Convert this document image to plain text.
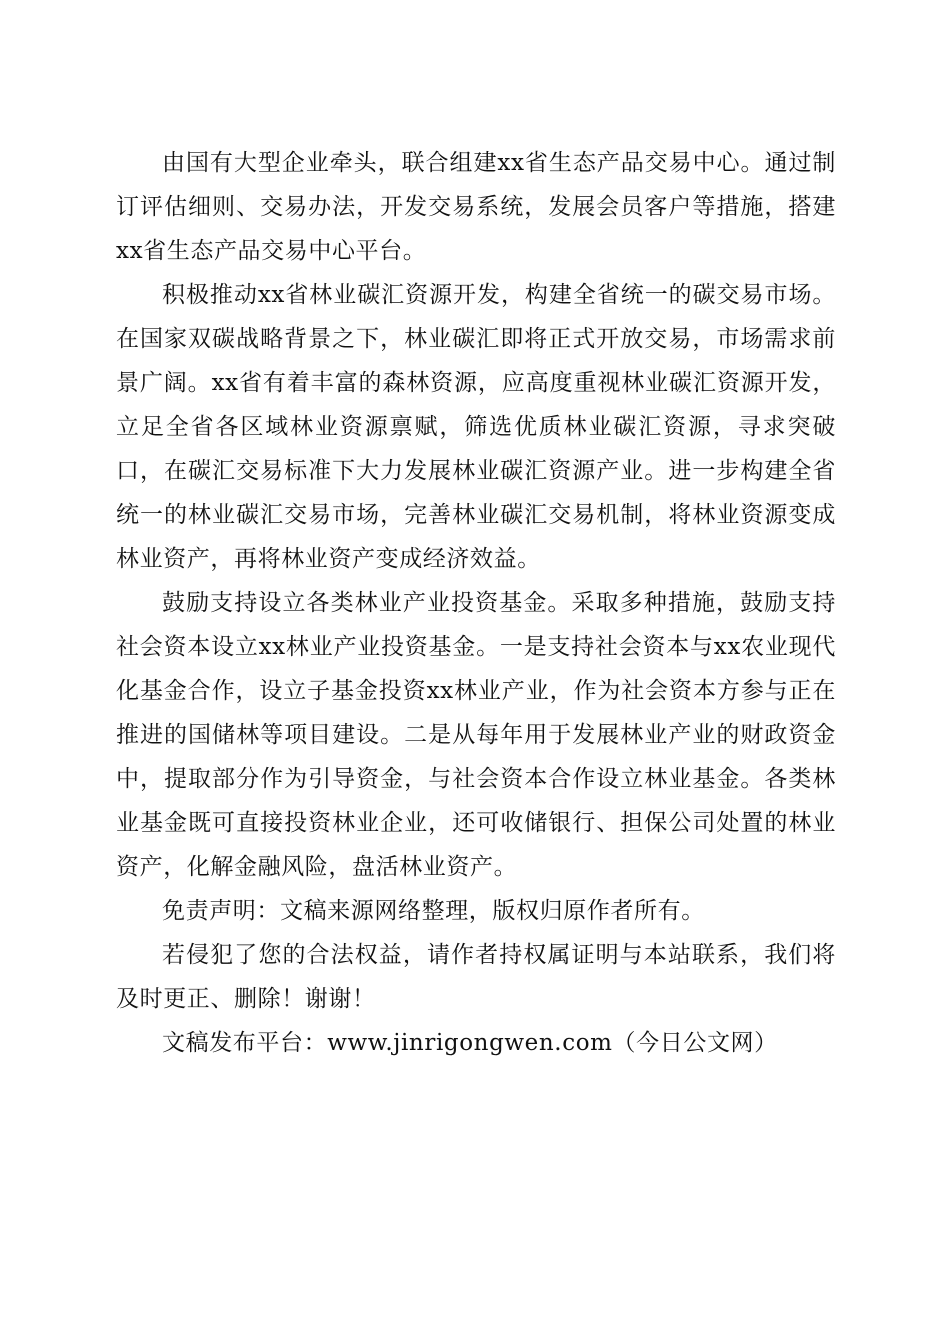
由国有大型企业牵头，联合组建xx省生态产品交易中心。通过制订评估细则、交易办法，开发交易系统，发展会员客户等措施，搭建xx省生态产品交易中心平台。

积极推动xx省林业碳汇资源开发，构建全省统一的碳交易市场。在国家双碳战略背景之下，林业碳汇即将正式开放交易，市场需求前景广阔。xx省有着丰富的森林资源，应高度重视林业碳汇资源开发，立足全省各区域林业资源禀赋，筛选优质林业碳汇资源，寻求突破口，在碳汇交易标准下大力发展林业碳汇资源产业。进一步构建全省统一的林业碳汇交易市场，完善林业碳汇交易机制，将林业资源变成林业资产，再将林业资产变成经济效益。

鼓励支持设立各类林业产业投资基金。采取多种措施，鼓励支持社会资本设立xx林业产业投资基金。一是支持社会资本与xx农业现代化基金合作，设立子基金投资xx林业产业，作为社会资本方参与正在推进的国储林等项目建设。二是从每年用于发展林业产业的财政资金中，提取部分作为引导资金，与社会资本合作设立林业基金。各类林业基金既可直接投资林业企业，还可收储银行、担保公司处置的林业资产，化解金融风险，盘活林业资产。

免责声明：文稿来源网络整理，版权归原作者所有。

若侵犯了您的合法权益，请作者持权属证明与本站联系，我们将及时更正、删除！谢谢！

文稿发布平台：www.jinrigongwen.com（今日公文网）
